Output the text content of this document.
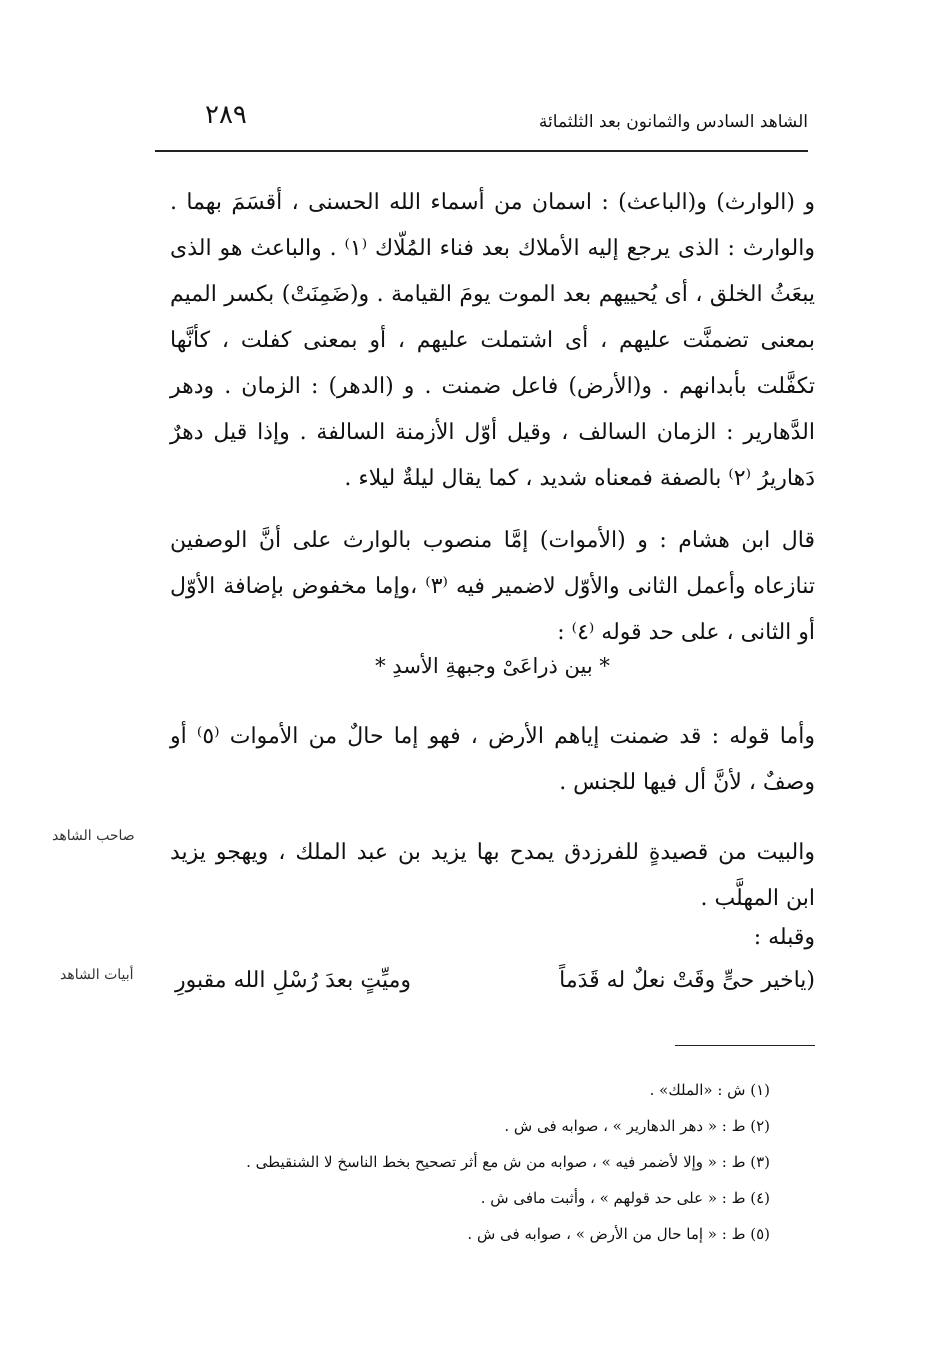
الشاهد السادس والثمانون بعد الثلثمائة
٢٨٩
و (الوارث) و(الباعث) : اسمان من أسماء الله الحسنى ، أقسَمَ بهما . والوارث : الذى يرجع إليه الأملاك بعد فناء المُلّاك ⁽١⁾ . والباعث هو الذى يبعَثُ الخلق ، أى يُحييهم بعد الموت يومَ القيامة . و(ضَمِنَتْ) بكسر الميم بمعنى تضمنَّت عليهم ، أى اشتملت عليهم ، أو بمعنى كفلت ، كأنَّها تكفَّلت بأبدانهم . و(الأرض) فاعل ضمنت . و (الدهر) : الزمان . ودهر الدَّهارير : الزمان السالف ، وقيل أوّل الأزمنة السالفة . وإذا قيل دهرٌ دَهاريرُ ⁽٢⁾ بالصفة فمعناه شديد ، كما يقال ليلةٌ ليلاء .
قال ابن هشام : و (الأموات) إمَّا منصوب بالوارث على أنَّ الوصفين تنازعاه وأعمل الثانى والأوّل لاضمير فيه ⁽٣⁾ ،وإما مخفوض بإضافة الأوّل أو الثانى ، على حد قوله ⁽٤⁾ :
* بين ذراعَىْ وجبهةِ الأسدِ *
وأما قوله : قد ضمنت إياهم الأرض ، فهو إما حالٌ من الأموات ⁽٥⁾ أو وصفٌ ، لأنَّ أل فيها للجنس .
والبيت من قصيدةٍ للفرزدق يمدح بها يزيد بن عبد الملك ، ويهجو يزيد ابن المهلَّب .
وقبله :
(ياخير حىٍّ وقَتْ نعلٌ له قَدَماً
وميِّتٍ بعدَ رُسْلِ الله مقبورِ
صاحب الشاهد
أبيات الشاهد
(١) ش : «الملك» .
(٢) ط : « دهر الدهارير » ، صوابه فى ش .
(٣) ط : « وإلا لأضمر فيه » ، صوابه من ش مع أثر تصحيح بخط الناسخ لا الشنقيطى .
(٤) ط : « على حد قولهم » ، وأثبت مافى ش .
(٥) ط : « إما حال من الأرض » ، صوابه فى ش .
